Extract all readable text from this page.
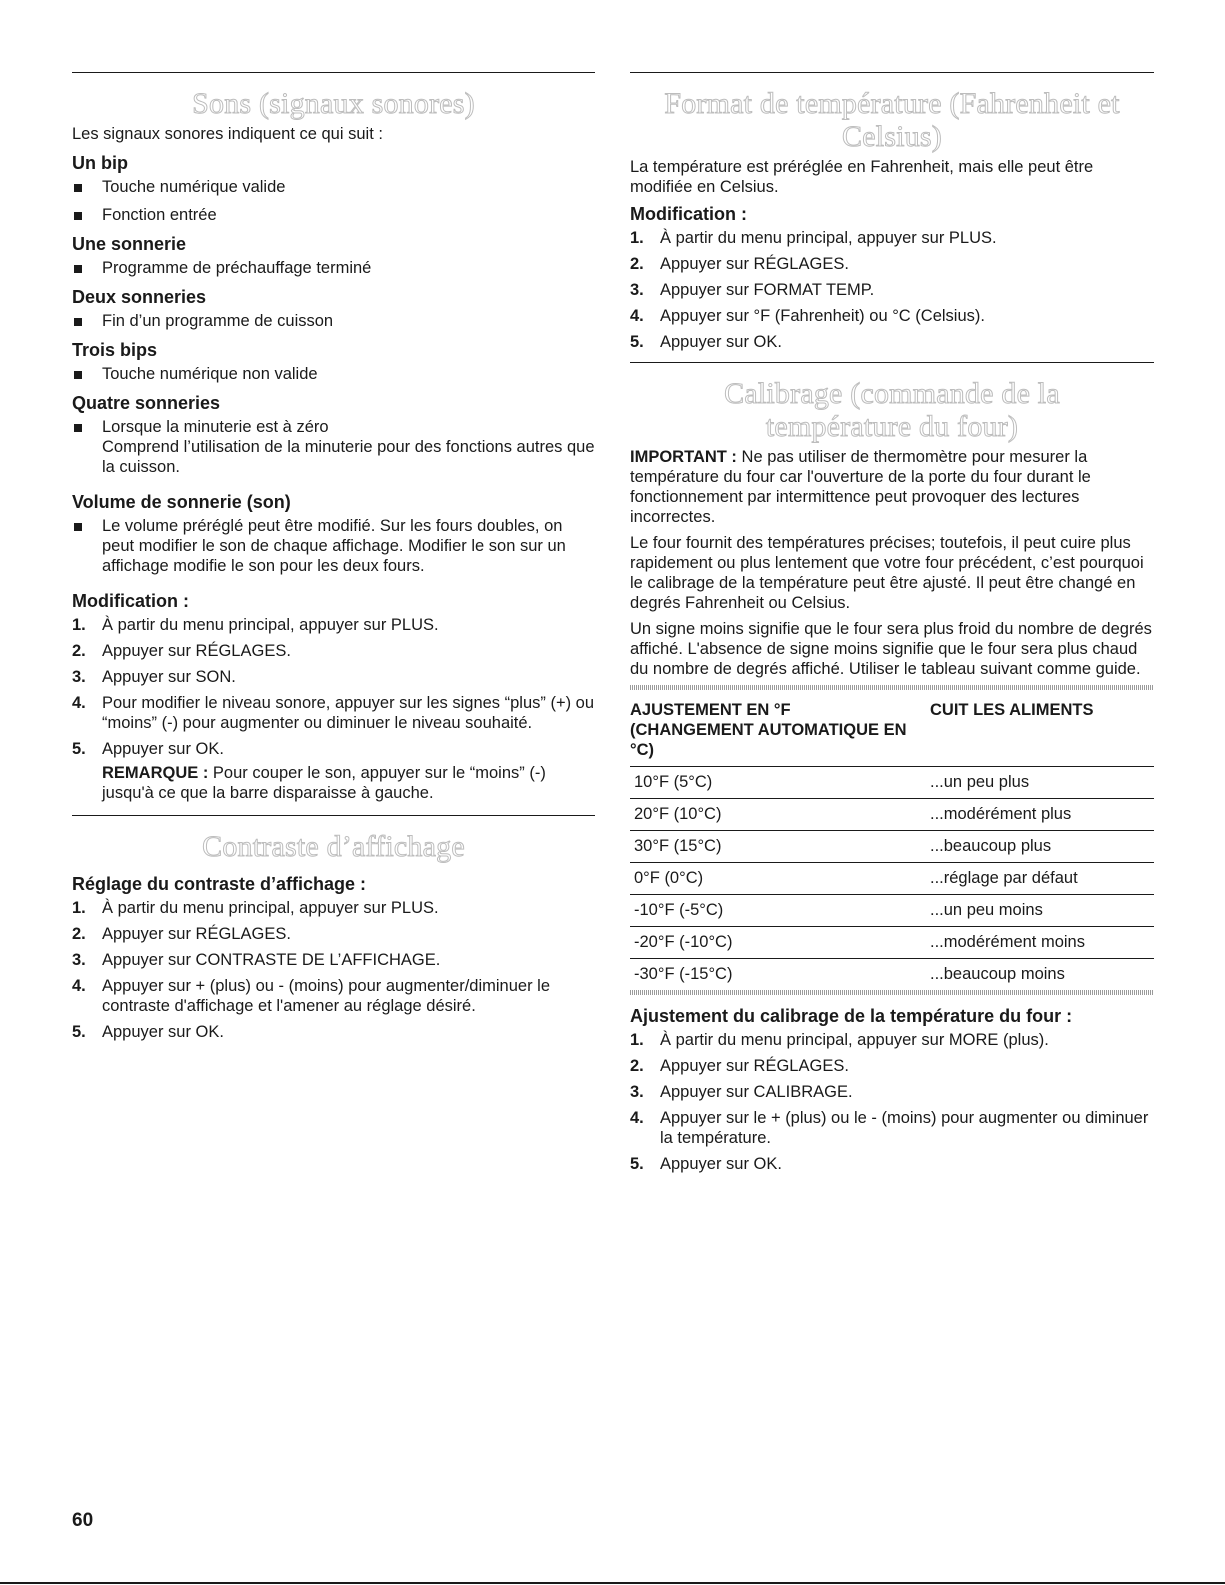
Sons (signaux sonores)

Les signaux sonores indiquent ce qui suit :

Un bip
Touche numérique valide
Fonction entrée
Une sonnerie
Programme de préchauffage terminé
Deux sonneries
Fin d’un programme de cuisson
Trois bips
Touche numérique non valide
Quatre sonneries
Lorsque la minuterie est à zéro
Comprend l’utilisation de la minuterie pour des fonctions autres que la cuisson.
Volume de sonnerie (son)
Le volume préréglé peut être modifié. Sur les fours doubles, on peut modifier le son de chaque affichage. Modifier le son sur un affichage modifie le son pour les deux fours.
Modification :
1. À partir du menu principal, appuyer sur PLUS.
2. Appuyer sur RÉGLAGES.
3. Appuyer sur SON.
4. Pour modifier le niveau sonore, appuyer sur les signes “plus” (+) ou “moins” (-) pour augmenter ou diminuer le niveau souhaité.
5. Appuyer sur OK.

REMARQUE : Pour couper le son, appuyer sur le “moins” (-) jusqu'à ce que la barre disparaisse à gauche.

Contraste d’affichage
Réglage du contraste d’affichage :
1. À partir du menu principal, appuyer sur PLUS.
2. Appuyer sur RÉGLAGES.
3. Appuyer sur CONTRASTE DE L’AFFICHAGE.
4. Appuyer sur + (plus) ou - (moins) pour augmenter/diminuer le contraste d'affichage et l'amener au réglage désiré.
5. Appuyer sur OK.
Format de température (Fahrenheit et Celsius)

La température est préréglée en Fahrenheit, mais elle peut être modifiée en Celsius.

Modification :
1. À partir du menu principal, appuyer sur PLUS.
2. Appuyer sur RÉGLAGES.
3. Appuyer sur FORMAT TEMP.
4. Appuyer sur °F (Fahrenheit) ou °C (Celsius).
5. Appuyer sur OK.
Calibrage (commande de la température du four)

IMPORTANT : Ne pas utiliser de thermomètre pour mesurer la température du four car l'ouverture de la porte du four durant le fonctionnement par intermittence peut provoquer des lectures incorrectes.

Le four fournit des températures précises; toutefois, il peut cuire plus rapidement ou plus lentement que votre four précédent, c’est pourquoi le calibrage de la température peut être ajusté. Il peut être changé en degrés Fahrenheit ou Celsius.

Un signe moins signifie que le four sera plus froid du nombre de degrés affiché. L'absence de signe moins signifie que le four sera plus chaud du nombre de degrés affiché. Utiliser le tableau suivant comme guide.

AJUSTEMENT EN °F (CHANGEMENT AUTOMATIQUE EN °C)	CUIT LES ALIMENTS
10°F (5°C)	...un peu plus
20°F (10°C)	...modérément plus
30°F (15°C)	...beaucoup plus
0°F (0°C)	...réglage par défaut
-10°F (-5°C)	...un peu moins
-20°F (-10°C)	...modérément moins
-30°F (-15°C)	...beaucoup moins
Ajustement du calibrage de la température du four :
1. À partir du menu principal, appuyer sur MORE (plus).
2. Appuyer sur RÉGLAGES.
3. Appuyer sur CALIBRAGE.
4. Appuyer sur le + (plus) ou le - (moins) pour augmenter ou diminuer la température.
5. Appuyer sur OK.
60
